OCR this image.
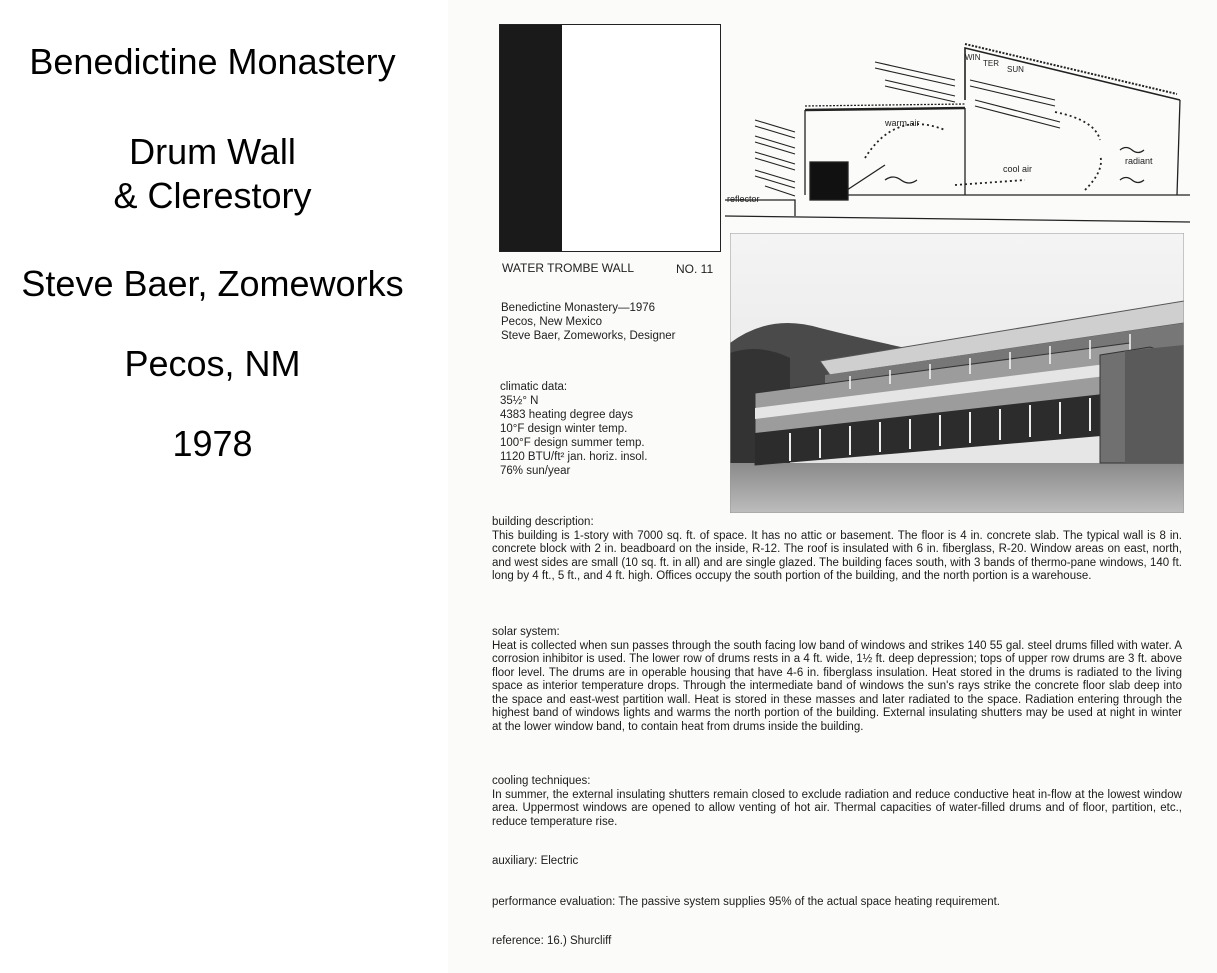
Benedictine Monastery
Drum Wall
& Clerestory
Steve Baer, Zomeworks
Pecos, NM
1978
WATER TROMBE WALL	NO. 11
Benedictine Monastery—1976
Pecos, New Mexico
Steve Baer, Zomeworks, Designer
climatic data:
35½° N
4383 heating degree days
10°F design winter temp.
100°F design summer temp.
1120 BTU/ft² jan. horiz. insol.
76% sun/year
WIN
TER
SUN
warm air
cool air
radiant
reflector
building description:
This building is 1-story with 7000 sq. ft. of space. It has no attic or basement. The floor is 4 in. concrete slab. The typical wall is 8 in. concrete block with 2 in. beadboard on the inside, R-12. The roof is insulated with 6 in. fiberglass, R-20. Window areas on east, north, and west sides are small (10 sq. ft. in all) and are single glazed. The building faces south, with 3 bands of thermo-pane windows, 140 ft. long by 4 ft., 5 ft., and 4 ft. high. Offices occupy the south portion of the building, and the north portion is a warehouse.
solar system:
Heat is collected when sun passes through the south facing low band of windows and strikes 140 55 gal. steel drums filled with water. A corrosion inhibitor is used. The lower row of drums rests in a 4 ft. wide, 1½ ft. deep depression; tops of upper row drums are 3 ft. above floor level. The drums are in operable housing that have 4-6 in. fiberglass insulation. Heat stored in the drums is radiated to the living space as interior temperature drops. Through the intermediate band of windows the sun's rays strike the concrete floor slab deep into the space and east-west partition wall. Heat is stored in these masses and later radiated to the space. Radiation entering through the highest band of windows lights and warms the north portion of the building. External insulating shutters may be used at night in winter at the lower window band, to contain heat from drums inside the building.
cooling techniques:
In summer, the external insulating shutters remain closed to exclude radiation and reduce conductive heat in-flow at the lowest window area. Uppermost windows are opened to allow venting of hot air. Thermal capacities of water-filled drums and of floor, partition, etc., reduce temperature rise.
auxiliary: Electric
performance evaluation: The passive system supplies 95% of the actual space heating requirement.
reference: 16.) Shurcliff
